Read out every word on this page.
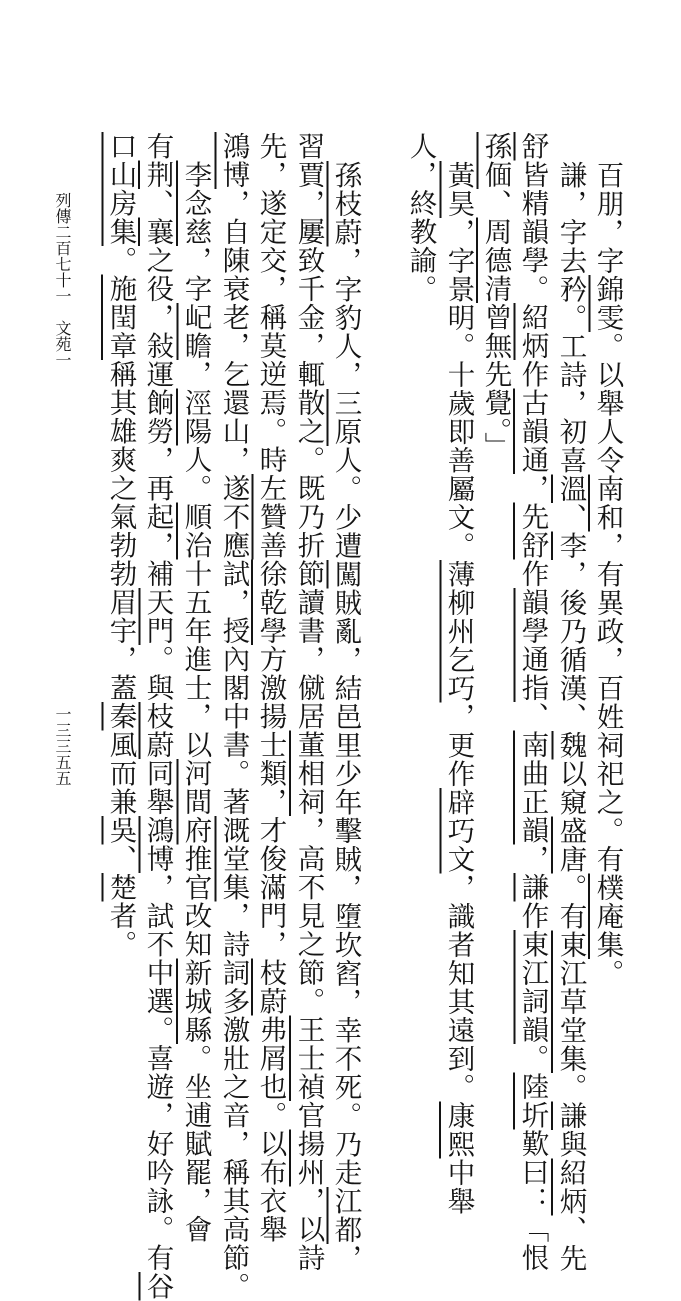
列傳二百七十一　文苑一
一三三五五
百朋，字錦雯。以舉人令南和，有異政，百姓祠祀之。有樸庵集。
謙，字去矜。工詩，初喜溫、李，後乃循漢、魏以窺盛唐。有東江草堂集。謙與紹炳、先
舒皆精韻學。紹炳作古韻通，先舒作韻學通指、南曲正韻，謙作東江詞韻。陸圻歎曰：「恨
孫偭、周德清曾無先覺。」
黃昊，字景明。十歲即善屬文。薄柳州乞巧，更作辟巧文，識者知其遠到。康熙中舉
人，終教諭。
孫枝蔚，字豹人，三原人。少遭闖賊亂，結邑里少年擊賊，墮坎窞，幸不死。乃走江都，
習賈，屢致千金，輒散之。既乃折節讀書，僦居董相祠，高不見之節。王士禎官揚州，以詩
先，遂定交，稱莫逆焉。時左贊善徐乾學方激揚士類，才俊滿門，枝蔚弗屑也。以布衣舉
鴻博，自陳衰老，乞還山，遂不應試，授內閣中書。著溉堂集，詩詞多激壯之音，稱其高節。
　李念慈，字屺瞻，涇陽人。順治十五年進士，以河間府推官改知新城縣。坐逋賦罷，會
有荆、襄之役，敍運餉勞，再起，補天門。與枝蔚同舉鴻博，試不中選。喜遊，好吟詠。有谷
口山房集。施閏章稱其雄爽之氣勃勃眉宇，蓋秦風而兼吳、楚者。
